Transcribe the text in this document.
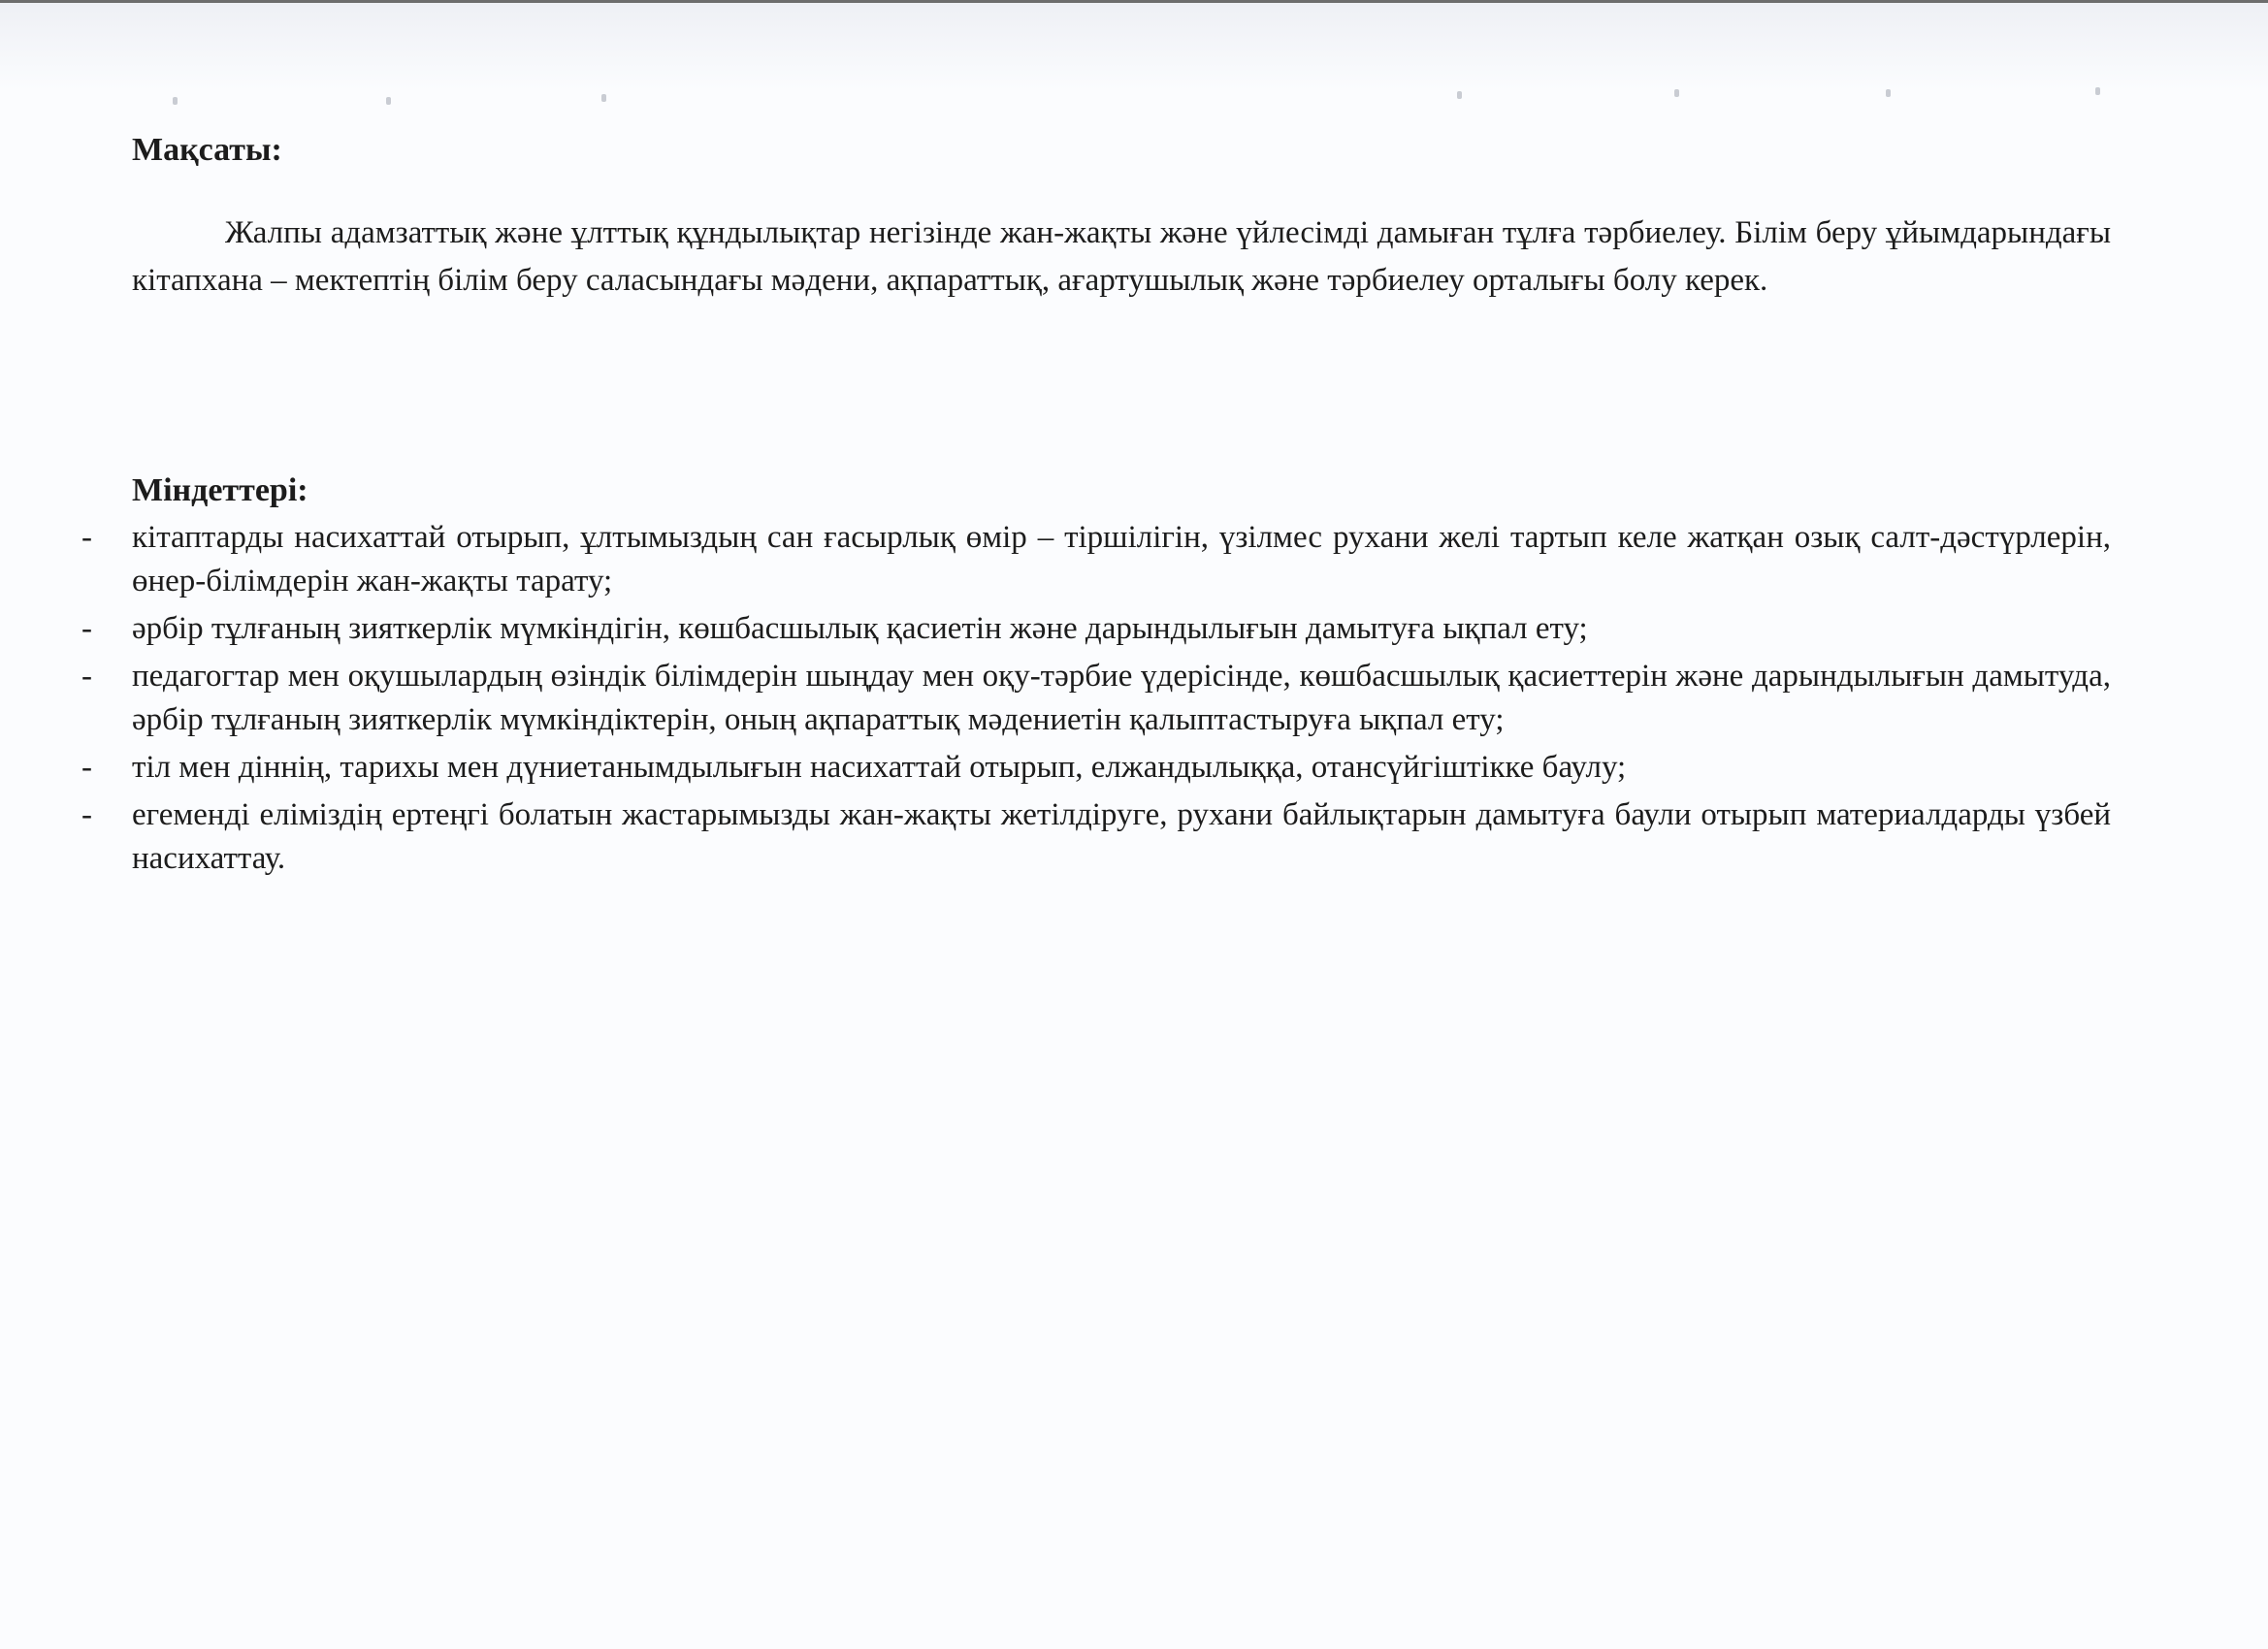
Мақсаты:

Жалпы адамзаттық және ұлттық құндылықтар негізінде жан-жақты және үйлесімді дамыған тұлға тәрбиелеу. Білім беру ұйымдарындағы кітапхана – мектептің білім беру саласындағы мәдени, ақпараттық, ағартушылық және тәрбиелеу орталығы болу керек.

Міндеттері:
- кітаптарды насихаттай отырып, ұлтымыздың сан ғасырлық өмір – тіршілігін, үзілмес рухани желі тартып келе жатқан озық салт-дәстүрлерін, өнер-білімдерін жан-жақты тарату;
- әрбір тұлғаның зияткерлік мүмкіндігін, көшбасшылық қасиетін және дарындылығын дамытуға ықпал ету;
- педагогтар мен оқушылардың өзіндік білімдерін шыңдау мен оқу-тәрбие үдерісінде, көшбасшылық қасиеттерін және дарындылығын дамытуда, әрбір тұлғаның зияткерлік мүмкіндіктерін, оның ақпараттық мәдениетін қалыптастыруға ықпал ету;
- тіл мен діннің, тарихы мен дүниетанымдылығын насихаттай отырып, елжандылыққа, отансүйгіштікке баулу;
- егеменді еліміздің ертеңгі болатын жастарымызды жан-жақты жетілдіруге, рухани байлықтарын дамытуға баули отырып материалдарды үзбей насихаттау.
